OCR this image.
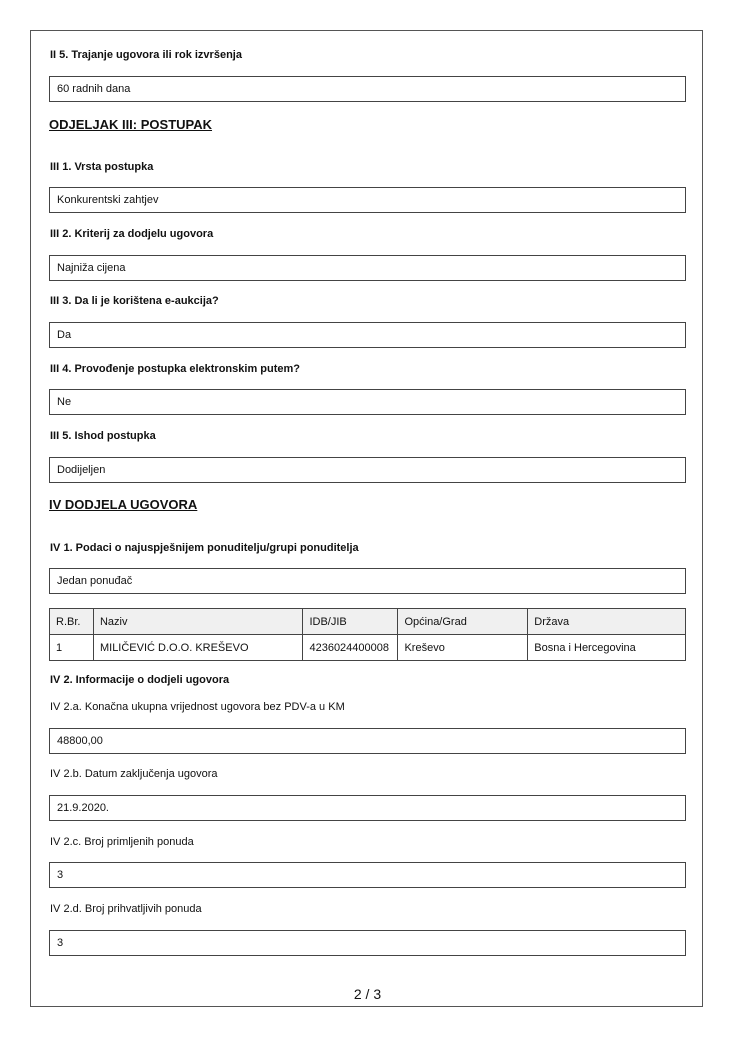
II 5. Trajanje ugovora ili rok izvršenja
60 radnih dana
ODJELJAK III: POSTUPAK
III 1. Vrsta postupka
Konkurentski zahtjev
III 2. Kriterij za dodjelu ugovora
Najniža cijena
III 3. Da li je korištena e-aukcija?
Da
III 4. Provođenje postupka elektronskim putem?
Ne
III 5. Ishod postupka
Dodijeljen
IV DODJELA UGOVORA
IV 1. Podaci o najuspješnijem ponuditelju/grupi ponuditelja
Jedan ponuđač
R.Br.	Naziv	IDB/JIB	Općina/Grad	Država
1	MILIČEVIĆ D.O.O. KREŠEVO	4236024400008	Kreševo	Bosna i Hercegovina
IV 2. Informacije o dodjeli ugovora
IV 2.a. Konačna ukupna vrijednost ugovora bez PDV-a u KM
48800,00
IV 2.b. Datum zaključenja ugovora
21.9.2020.
IV 2.c. Broj primljenih ponuda
3
IV 2.d. Broj prihvatljivih ponuda
3
2 / 3
